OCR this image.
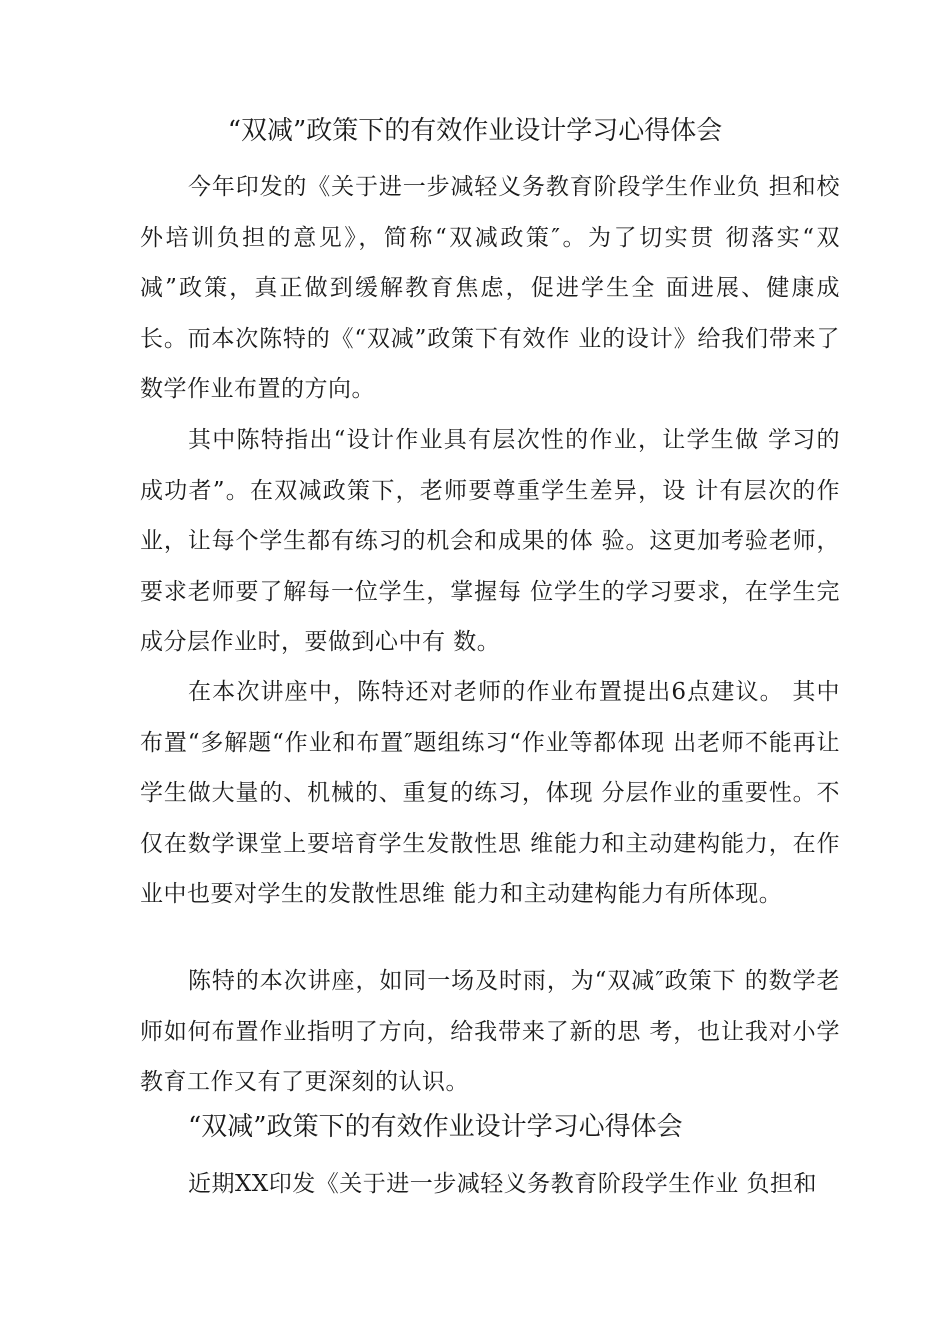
“双减”政策下的有效作业设计学习心得体会

今年印发的《关于进一步减轻义务教育阶段学生作业负 担和校外培训负担的意见》，简称“双减政策″。为了切实贯 彻落实“双减”政策，真正做到缓解教育焦虑，促进学生全 面进展、健康成长。而本次陈特的《“双减”政策下有效作 业的设计》给我们带来了数学作业布置的方向。

其中陈特指出“设计作业具有层次性的作业，让学生做 学习的成功者”。在双减政策下，老师要尊重学生差异，设 计有层次的作业，让每个学生都有练习的机会和成果的体 验。这更加考验老师，要求老师要了解每一位学生，掌握每 位学生的学习要求，在学生完成分层作业时，要做到心中有 数。

在本次讲座中，陈特还对老师的作业布置提出6点建议。 其中布置“多解题“作业和布置″题组练习“作业等都体现 出老师不能再让学生做大量的、机械的、重复的练习，体现 分层作业的重要性。不仅在数学课堂上要培育学生发散性思 维能力和主动建构能力，在作业中也要对学生的发散性思维 能力和主动建构能力有所体现。

陈特的本次讲座，如同一场及时雨，为“双减″政策下 的数学老师如何布置作业指明了方向，给我带来了新的思 考，也让我对小学教育工作又有了更深刻的认识。

“双减”政策下的有效作业设计学习心得体会

近期XX印发《关于进一步减轻义务教育阶段学生作业 负担和
